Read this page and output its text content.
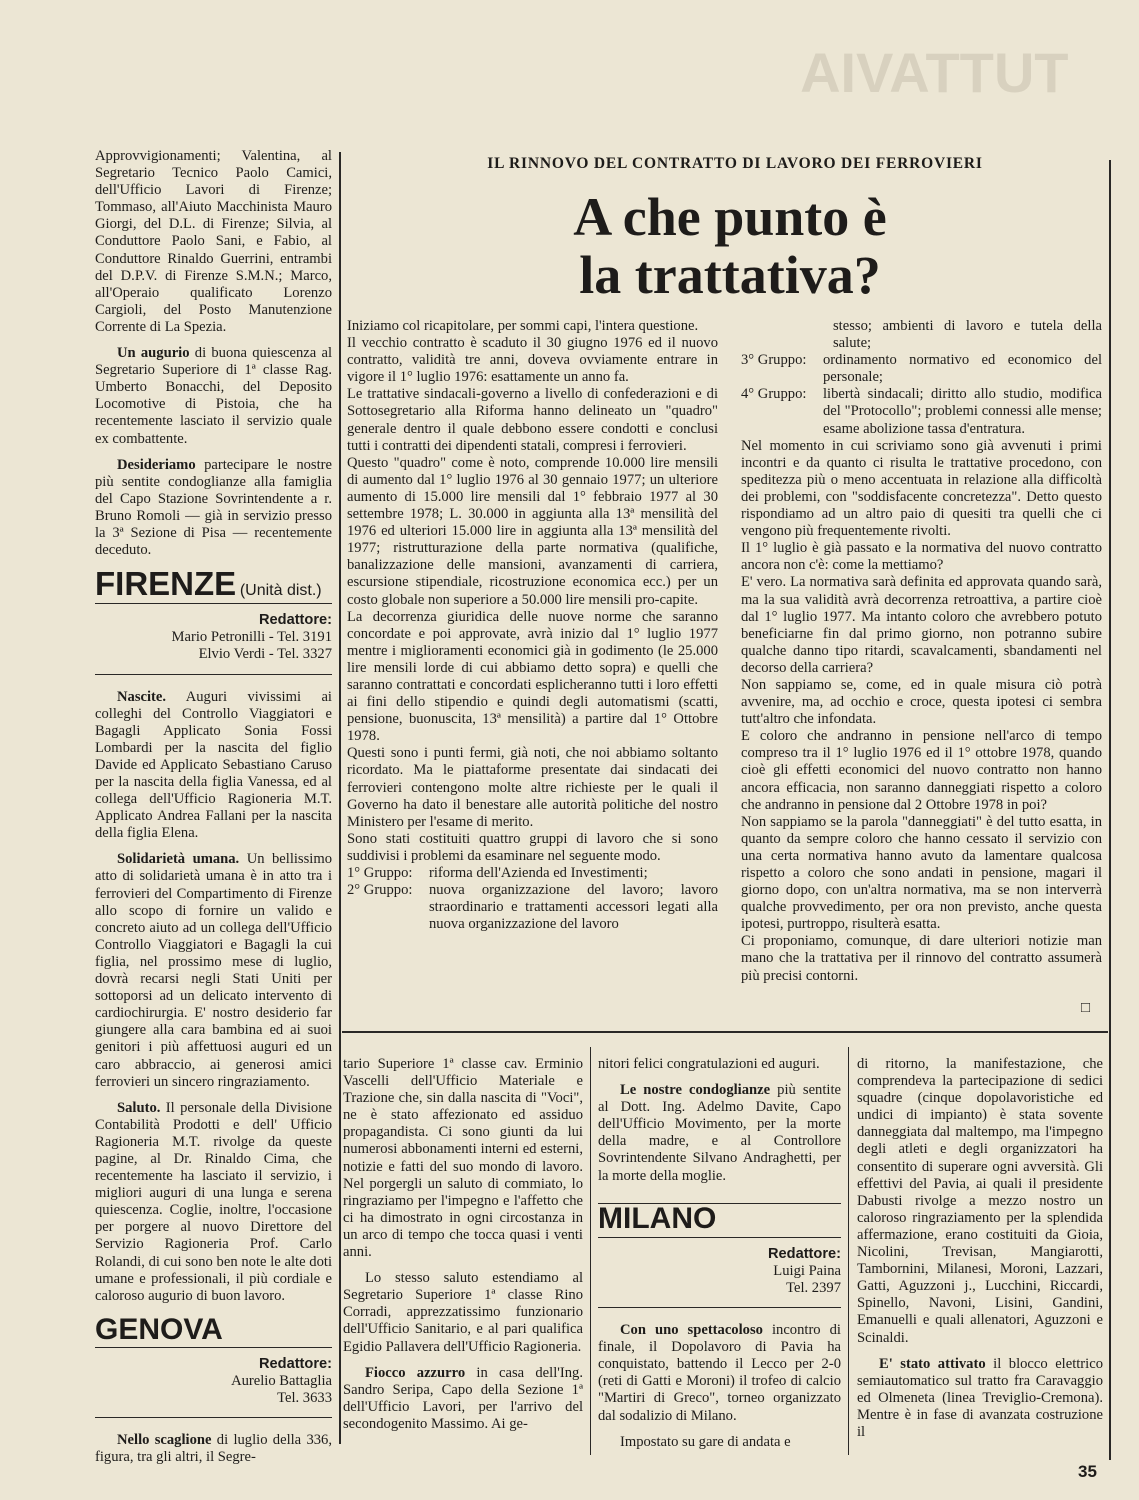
TUTTAVIA

Approvvigionamenti; Valentina, al Segretario Tecnico Paolo Camici, dell'Ufficio Lavori di Firenze; Tommaso, all'Aiuto Macchinista Mauro Giorgi, del D.L. di Firenze; Silvia, al Conduttore Paolo Sani, e Fabio, al Conduttore Rinaldo Guerrini, entrambi del D.P.V. di Firenze S.M.N.; Marco, all'Operaio qualificato Lorenzo Cargioli, del Posto Manutenzione Corrente di La Spezia.

Un augurio di buona quiescenza al Segretario Superiore di 1ª classe Rag. Umberto Bonacchi, del Deposito Locomotive di Pistoia, che ha recentemente lasciato il servizio quale ex combattente.

Desideriamo partecipare le nostre più sentite condoglianze alla famiglia del Capo Stazione Sovrintendente a r. Bruno Romoli — già in servizio presso la 3ª Sezione di Pisa — recentemente deceduto.

FIRENZE (Unità dist.)
Redattore:
Mario Petronilli - Tel. 3191
Elvio Verdi - Tel. 3327

Nascite. Auguri vivissimi ai colleghi del Controllo Viaggiatori e Bagagli Applicato Sonia Fossi Lombardi per la nascita del figlio Davide ed Applicato Sebastiano Caruso per la nascita della figlia Vanessa, ed al collega dell'Ufficio Ragioneria M.T. Applicato Andrea Fallani per la nascita della figlia Elena.

Solidarietà umana. Un bellissimo atto di solidarietà umana è in atto tra i ferrovieri del Compartimento di Firenze allo scopo di fornire un valido e concreto aiuto ad un collega dell'Ufficio Controllo Viaggiatori e Bagagli la cui figlia, nel prossimo mese di luglio, dovrà recarsi negli Stati Uniti per sottoporsi ad un delicato intervento di cardiochirurgia. E' nostro desiderio far giungere alla cara bambina ed ai suoi genitori i più affettuosi auguri ed un caro abbraccio, ai generosi amici ferrovieri un sincero ringraziamento.

Saluto. Il personale della Divisione Contabilità Prodotti e dell' Ufficio Ragioneria M.T. rivolge da queste pagine, al Dr. Rinaldo Cima, che recentemente ha lasciato il servizio, i migliori auguri di una lunga e serena quiescenza. Coglie, inoltre, l'occasione per porgere al nuovo Direttore del Servizio Ragioneria Prof. Carlo Rolandi, di cui sono ben note le alte doti umane e professionali, il più cordiale e caloroso augurio di buon lavoro.

GENOVA
Redattore:
Aurelio Battaglia
Tel. 3633

Nello scaglione di luglio della 336, figura, tra gli altri, il Segre-

IL RINNOVO DEL CONTRATTO DI LAVORO DEI FERROVIERI
A che punto è
la trattativa?

Iniziamo col ricapitolare, per sommi capi, l'intera questione.

Il vecchio contratto è scaduto il 30 giugno 1976 ed il nuovo contratto, validità tre anni, doveva ovviamente entrare in vigore il 1° luglio 1976: esattamente un anno fa.

Le trattative sindacali-governo a livello di confederazioni e di Sottosegretario alla Riforma hanno delineato un "quadro" generale dentro il quale debbono essere condotti e conclusi tutti i contratti dei dipendenti statali, compresi i ferrovieri.

Questo "quadro" come è noto, comprende 10.000 lire mensili di aumento dal 1° luglio 1976 al 30 gennaio 1977; un ulteriore aumento di 15.000 lire mensili dal 1° febbraio 1977 al 30 settembre 1978; L. 30.000 in aggiunta alla 13ª mensilità del 1976 ed ulteriori 15.000 lire in aggiunta alla 13ª mensilità del 1977; ristrutturazione della parte normativa (qualifiche, banalizzazione delle mansioni, avanzamenti di carriera, escursione stipendiale, ricostruzione economica ecc.) per un costo globale non superiore a 50.000 lire mensili pro-capite.

La decorrenza giuridica delle nuove norme che saranno concordate e poi approvate, avrà inizio dal 1° luglio 1977 mentre i miglioramenti economici già in godimento (le 25.000 lire mensili lorde di cui abbiamo detto sopra) e quelli che saranno contrattati e concordati esplicheranno tutti i loro effetti ai fini dello stipendio e quindi degli automatismi (scatti, pensione, buonuscita, 13ª mensilità) a partire dal 1° Ottobre 1978.

Questi sono i punti fermi, già noti, che noi abbiamo soltanto ricordato. Ma le piattaforme presentate dai sindacati dei ferrovieri contengono molte altre richieste per le quali il Governo ha dato il benestare alle autorità politiche del nostro Ministero per l'esame di merito.

Sono stati costituiti quattro gruppi di lavoro che si sono suddivisi i problemi da esaminare nel seguente modo.

1° Gruppo:	riforma dell'Azienda ed Investimenti;
2° Gruppo:	nuova organizzazione del lavoro; lavoro straordinario e trattamenti accessori legati alla nuova organizzazione del lavoro

stesso; ambienti di lavoro e tutela della salute;

3° Gruppo:	ordinamento normativo ed economico del personale;
4° Gruppo:	libertà sindacali; diritto allo studio, modifica del "Protocollo"; problemi connessi alle mense; esame abolizione tassa d'entratura.

Nel momento in cui scriviamo sono già avvenuti i primi incontri e da quanto ci risulta le trattative procedono, con speditezza più o meno accentuata in relazione alla difficoltà dei problemi, con "soddisfacente concretezza". Detto questo rispondiamo ad un altro paio di quesiti tra quelli che ci vengono più frequentemente rivolti.

Il 1° luglio è già passato e la normativa del nuovo contratto ancora non c'è: come la mettiamo?

E' vero. La normativa sarà definita ed approvata quando sarà, ma la sua validità avrà decorrenza retroattiva, a partire cioè dal 1° luglio 1977. Ma intanto coloro che avrebbero potuto beneficiarne fin dal primo giorno, non potranno subire qualche danno tipo ritardi, scavalcamenti, sbandamenti nel decorso della carriera?

Non sappiamo se, come, ed in quale misura ciò potrà avvenire, ma, ad occhio e croce, questa ipotesi ci sembra tutt'altro che infondata.

E coloro che andranno in pensione nell'arco di tempo compreso tra il 1° luglio 1976 ed il 1° ottobre 1978, quando cioè gli effetti economici del nuovo contratto non hanno ancora efficacia, non saranno danneggiati rispetto a coloro che andranno in pensione dal 2 Ottobre 1978 in poi?

Non sappiamo se la parola "danneggiati" è del tutto esatta, in quanto da sempre coloro che hanno cessato il servizio con una certa normativa hanno avuto da lamentare qualcosa rispetto a coloro che sono andati in pensione, magari il giorno dopo, con un'altra normativa, ma se non interverrà qualche provvedimento, per ora non previsto, anche questa ipotesi, purtroppo, risulterà esatta.

Ci proponiamo, comunque, di dare ulteriori notizie man mano che la trattativa per il rinnovo del contratto assumerà più precisi contorni.

□

tario Superiore 1ª classe cav. Erminio Vascelli dell'Ufficio Materiale e Trazione che, sin dalla nascita di "Voci", ne è stato affezionato ed assiduo propagandista. Ci sono giunti da lui numerosi abbonamenti interni ed esterni, notizie e fatti del suo mondo di lavoro. Nel porgergli un saluto di commiato, lo ringraziamo per l'impegno e l'affetto che ci ha dimostrato in ogni circostanza in un arco di tempo che tocca quasi i venti anni.

Lo stesso saluto estendiamo al Segretario Superiore 1ª classe Rino Corradi, apprezzatissimo funzionario dell'Ufficio Sanitario, e al pari qualifica Egidio Pallavera dell'Ufficio Ragioneria.

Fiocco azzurro in casa dell'Ing. Sandro Seripa, Capo della Sezione 1ª dell'Ufficio Lavori, per l'arrivo del secondogenito Massimo. Ai ge-

nitori felici congratulazioni ed auguri.

Le nostre condoglianze più sentite al Dott. Ing. Adelmo Davite, Capo dell'Ufficio Movimento, per la morte della madre, e al Controllore Sovrintendente Silvano Andraghetti, per la morte della moglie.

MILANO
Redattore:
Luigi Paina
Tel. 2397

Con uno spettacoloso incontro di finale, il Dopolavoro di Pavia ha conquistato, battendo il Lecco per 2-0 (reti di Gatti e Moroni) il trofeo di calcio "Martiri di Greco", torneo organizzato dal sodalizio di Milano.

Impostato su gare di andata e

di ritorno, la manifestazione, che comprendeva la partecipazione di sedici squadre (cinque dopolavoristiche ed undici di impianto) è stata sovente danneggiata dal maltempo, ma l'impegno degli atleti e degli organizzatori ha consentito di superare ogni avversità. Gli effettivi del Pavia, ai quali il presidente Dabusti rivolge a mezzo nostro un caloroso ringraziamento per la splendida affermazione, erano costituiti da Gioia, Nicolini, Trevisan, Mangiarotti, Tambornini, Milanesi, Moroni, Lazzari, Gatti, Aguzzoni j., Lucchini, Riccardi, Spinello, Navoni, Lisini, Gandini, Emanuelli e quali allenatori, Aguzzoni e Scinaldi.

E' stato attivato il blocco elettrico semiautomatico sul tratto fra Caravaggio ed Olmeneta (linea Treviglio-Cremona). Mentre è in fase di avanzata costruzione il

35
